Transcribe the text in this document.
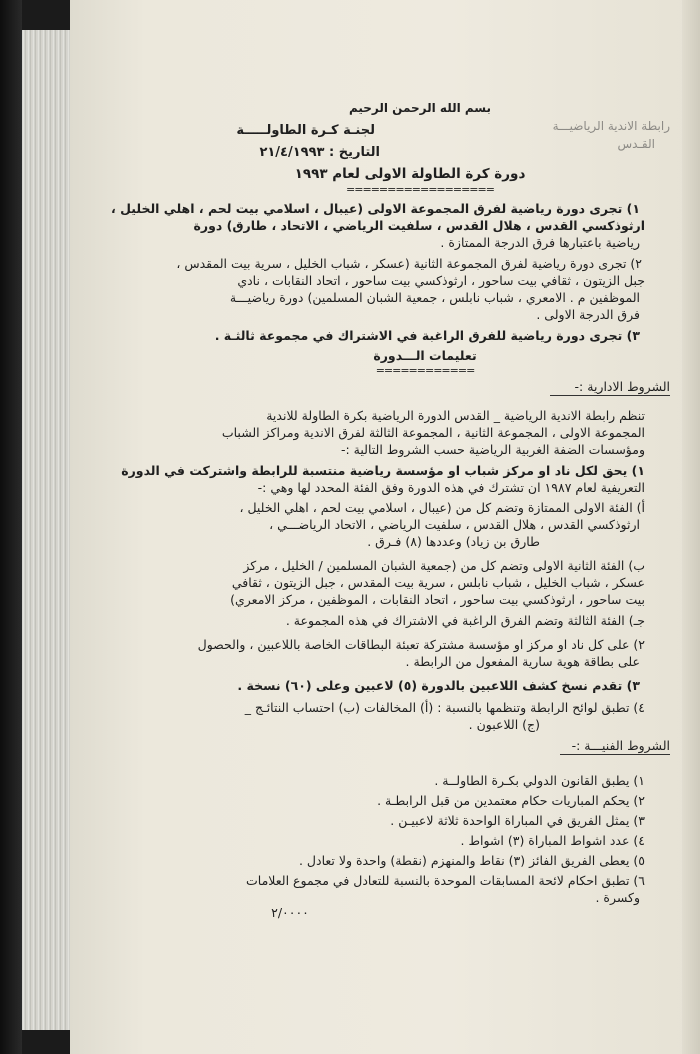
بسم الله الرحمن الرحيم
رابطة الاندية الرياضيـــة
القـدس
لجنـة كـرة الطاولـــــة
التاريخ : ٢١/٤/١٩٩٣
دورة كرة الطاولة الاولى لعام ١٩٩٣
==================
١) تجرى دورة رياضية لفرق المجموعة الاولى (عيبال ، اسلامي بيت لحم ، اهلي الخليل ،
ارثوذكسي القدس ، هلال القدس ، سلفيت الرياضي ، الاتحاد ، طارق) دورة
رياضية باعتبارها فرق الدرجة الممتازة .
٢) تجرى دورة رياضية لفرق المجموعة الثانية (عسكر ، شباب الخليل ، سرية بيت المقدس ،
جبل الزيتون ، ثقافي بيت ساحور ، ارثوذكسي بيت ساحور ، اتحاد النقابات ، نادي
الموظفين م . الامعري ، شباب نابلس ، جمعية الشبان المسلمين) دورة رياضيـــة
فرق الدرجة الاولى .
٣) تجرى دورة رياضية للفرق الراغبة في الاشتراك في مجموعة ثالثـة .
تعليمات الـــدورة
============
الشروط الادارية :-
تنظم رابطة الاندية الرياضية _ القدس الدورة الرياضية بكرة الطاولة للاندية
المجموعة الاولى ، المجموعة الثانية ، المجموعة الثالثة لفرق الاندية ومراكز الشباب
ومؤسسات الضفة الغربية الرياضية حسب الشروط التالية :-
١) يحق لكل ناد او مركز شباب او مؤسسة رياضية منتسبة للرابطة واشتركت في الدورة
التعريفية لعام ١٩٨٧ ان تشترك في هذه الدورة وفق الفئة المحدد لها وهي :-
أ) الفئة الاولى الممتازة وتضم كل من (عيبال ، اسلامي بيت لحم ، اهلي الخليل ،
ارثوذكسي القدس ، هلال القدس ، سلفيت الرياضي ، الاتحاد الرياضـــي ،
طارق بن زياد) وعددها (٨) فـرق .
ب) الفئة الثانية الاولى وتضم كل من (جمعية الشبان المسلمين / الخليل ، مركز
عسكر ، شباب الخليل ، شباب نابلس ، سرية بيت المقدس ، جبل الزيتون ، ثقافي
بيت ساحور ، ارثوذكسي بيت ساحور ، اتحاد النقابات ، الموظفين ، مركز الامعري)
جـ) الفئة الثالثة وتضم الفرق الراغبة في الاشتراك في هذه المجموعة .
٢) على كل ناد او مركز او مؤسسة مشتركة تعبئة البطاقات الخاصة باللاعبين ، والحصول
على بطاقة هوية سارية المفعول من الرابطة .
٣) تقدم نسخ كشف اللاعبين بالدورة (٥) لاعبين وعلى (٦٠) نسخة .
٤) تطبق لوائح الرابطة وتنظمها بالنسبة : (أ) المخالفات (ب) احتساب النتائـج _
(ج) اللاعبون .
الشروط الفنيـــة :-
١) يطبق القانون الدولي بكـرة الطاولــة .
٢) يحكم المباريات حكام معتمدين من قبل الرابطـة .
٣) يمثل الفريق في المباراة الواحدة ثلاثة لاعبيـن .
٤) عدد اشواط المباراة (٣) اشواط .
٥) يعطى الفريق الفائز (٣) نقاط والمنهزم (نقطة) واحدة ولا تعادل .
٦) تطبق احكام لائحة المسابقات الموحدة بالنسبة للتعادل في مجموع العلامات
وكسرة .
٢/٠٠٠٠
